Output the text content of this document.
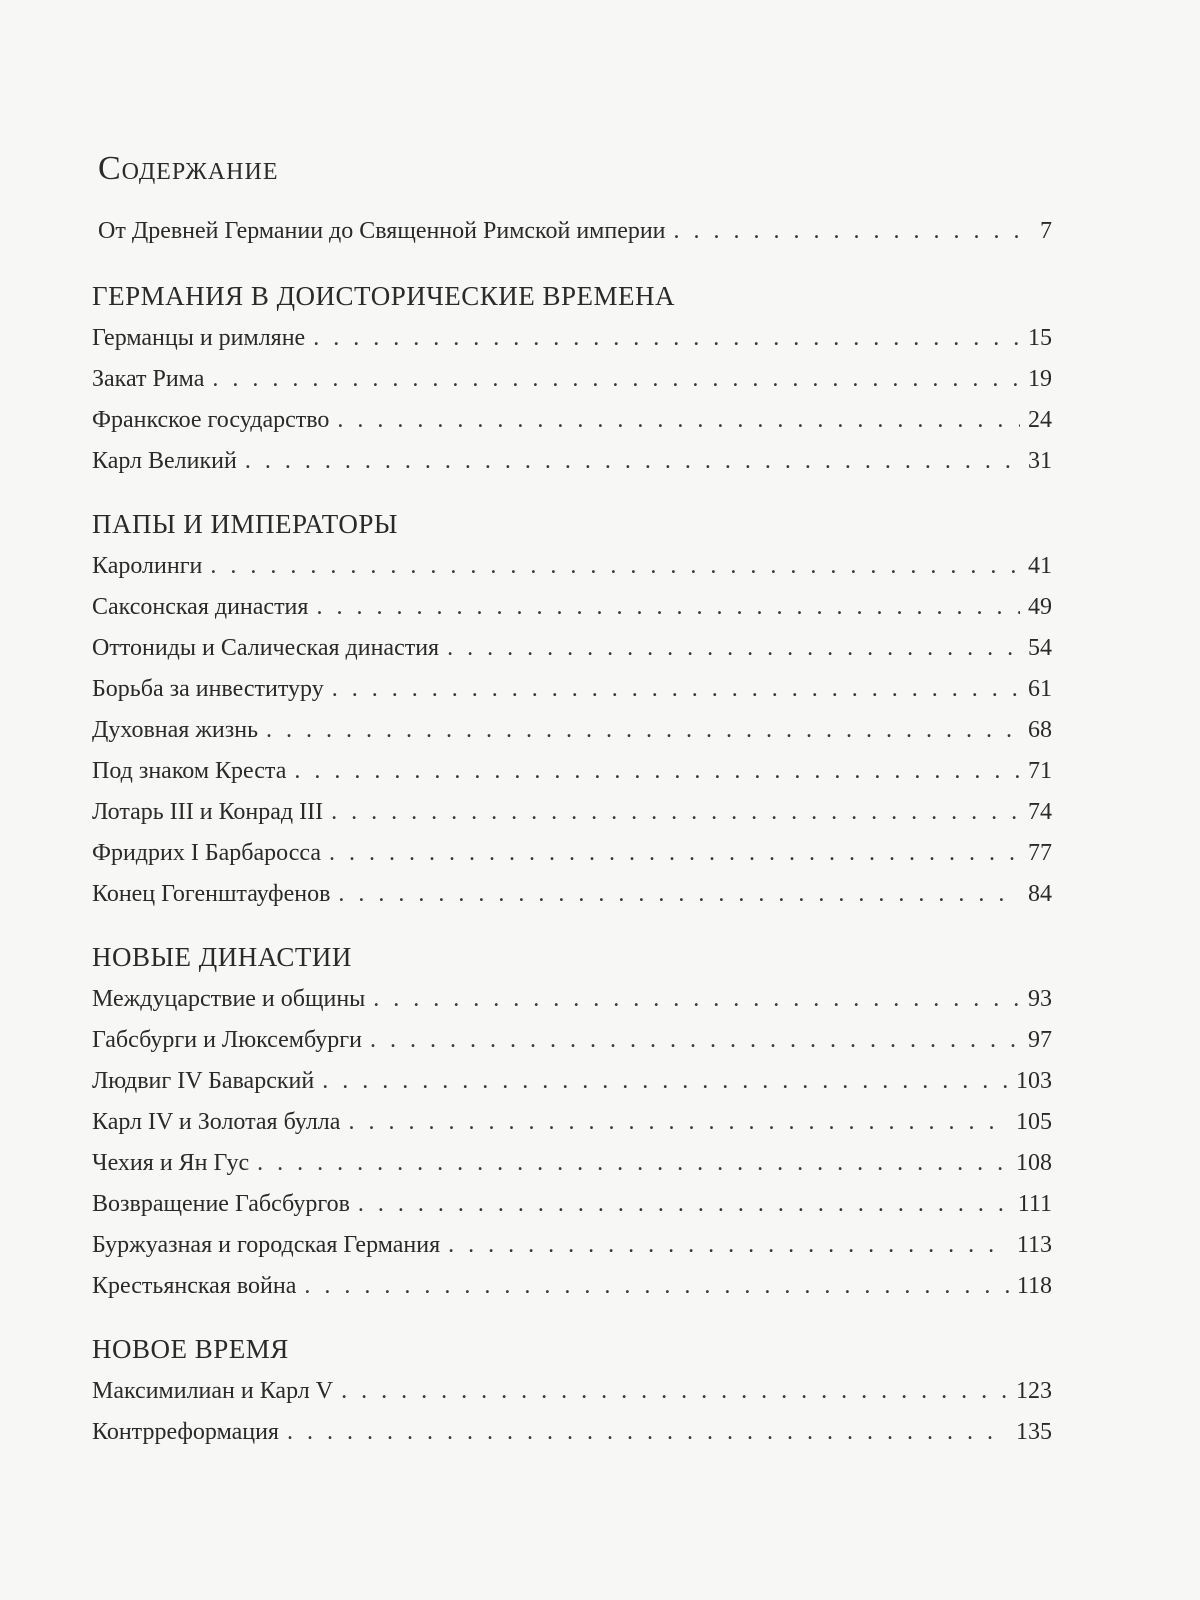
Содержание
От Древней Германии до Священной Римской империи . . .	7
ГЕРМАНИЯ В ДОИСТОРИЧЕСКИЕ ВРЕМЕНА
Германцы и римляне . . .	15
Закат Рима . . .	19
Франкское государство . . .	24
Карл Великий . . .	31
ПАПЫ И ИМПЕРАТОРЫ
Каролинги . . .	41
Саксонская династия . . .	49
Оттониды и Салическая династия . . .	54
Борьба за инвеституру . . .	61
Духовная жизнь . . .	68
Под знаком Креста . . .	71
Лотарь III и Конрад III . . .	74
Фридрих I Барбаросса . . .	77
Конец Гогенштауфенов . . .	84
НОВЫЕ ДИНАСТИИ
Междуцарствие и общины . . .	93
Габсбурги и Люксембурги . . .	97
Людвиг IV Баварский . . .	103
Карл IV и Золотая булла . . .	105
Чехия и Ян Гус . . .	108
Возвращение Габсбургов . . .	111
Буржуазная и городская Германия . . .	113
Крестьянская война . . .	118
НОВОЕ ВРЕМЯ
Максимилиан и Карл V . . .	123
Контрреформация . . .	135
